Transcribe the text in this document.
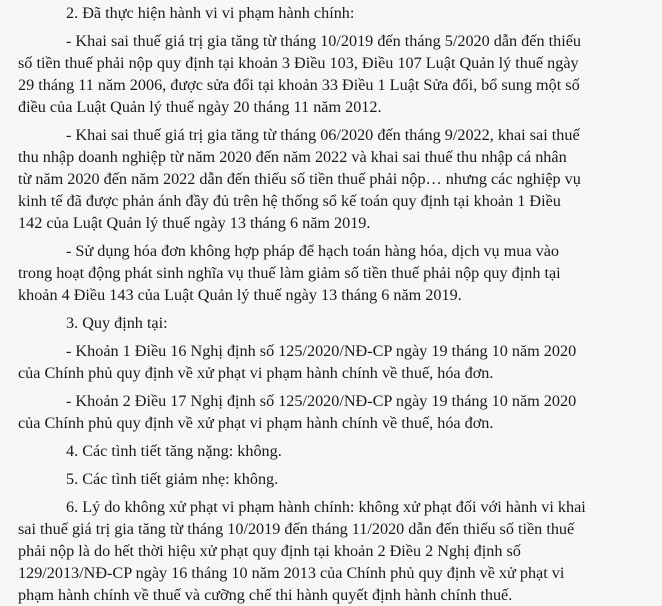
2. Đã thực hiện hành vi vi phạm hành chính:
- Khai sai thuế giá trị gia tăng từ tháng 10/2019 đến tháng 5/2020 dẫn đến thiếu
số tiền thuế phải nộp quy định tại khoản 3 Điều 103, Điều 107 Luật Quản lý thuế ngày
29 tháng 11 năm 2006, được sửa đổi tại khoản 33 Điều 1 Luật Sửa đổi, bổ sung một số
điều của Luật Quản lý thuế ngày 20 tháng 11 năm 2012.
- Khai sai thuế giá trị gia tăng từ tháng 06/2020 đến tháng 9/2022, khai sai thuế
thu nhập doanh nghiệp từ năm 2020 đến năm 2022 và khai sai thuế thu nhập cá nhân
từ năm 2020 đến năm 2022 dẫn đến thiếu số tiền thuế phải nộp… nhưng các nghiệp vụ
kinh tế đã được phản ánh đầy đủ trên hệ thống sổ kế toán quy định tại khoản 1 Điều
142 của Luật Quản lý thuế ngày 13 tháng 6 năm 2019.
- Sử dụng hóa đơn không hợp pháp để hạch toán hàng hóa, dịch vụ mua vào
trong hoạt động phát sinh nghĩa vụ thuế làm giảm số tiền thuế phải nộp quy định tại
khoản 4 Điều 143 của Luật Quản lý thuế ngày 13 tháng 6 năm 2019.
3. Quy định tại:
- Khoản 1 Điều 16 Nghị định số 125/2020/NĐ-CP ngày 19 tháng 10 năm 2020
của Chính phủ quy định về xử phạt vi phạm hành chính về thuế, hóa đơn.
- Khoản 2 Điều 17 Nghị định số 125/2020/NĐ-CP ngày 19 tháng 10 năm 2020
của Chính phủ quy định về xử phạt vi phạm hành chính về thuế, hóa đơn.
4. Các tình tiết tăng nặng: không.
5. Các tình tiết giảm nhẹ: không.
6. Lý do không xử phạt vi phạm hành chính: không xử phạt đối với hành vi khai
sai thuế giá trị gia tăng từ tháng 10/2019 đến tháng 11/2020 dẫn đến thiếu số tiền thuế
phải nộp là do hết thời hiệu xử phạt quy định tại khoản 2 Điều 2 Nghị định số
129/2013/NĐ-CP ngày 16 tháng 10 năm 2013 của Chính phủ quy định về xử phạt vi
phạm hành chính về thuế và cưỡng chế thi hành quyết định hành chính thuế.
